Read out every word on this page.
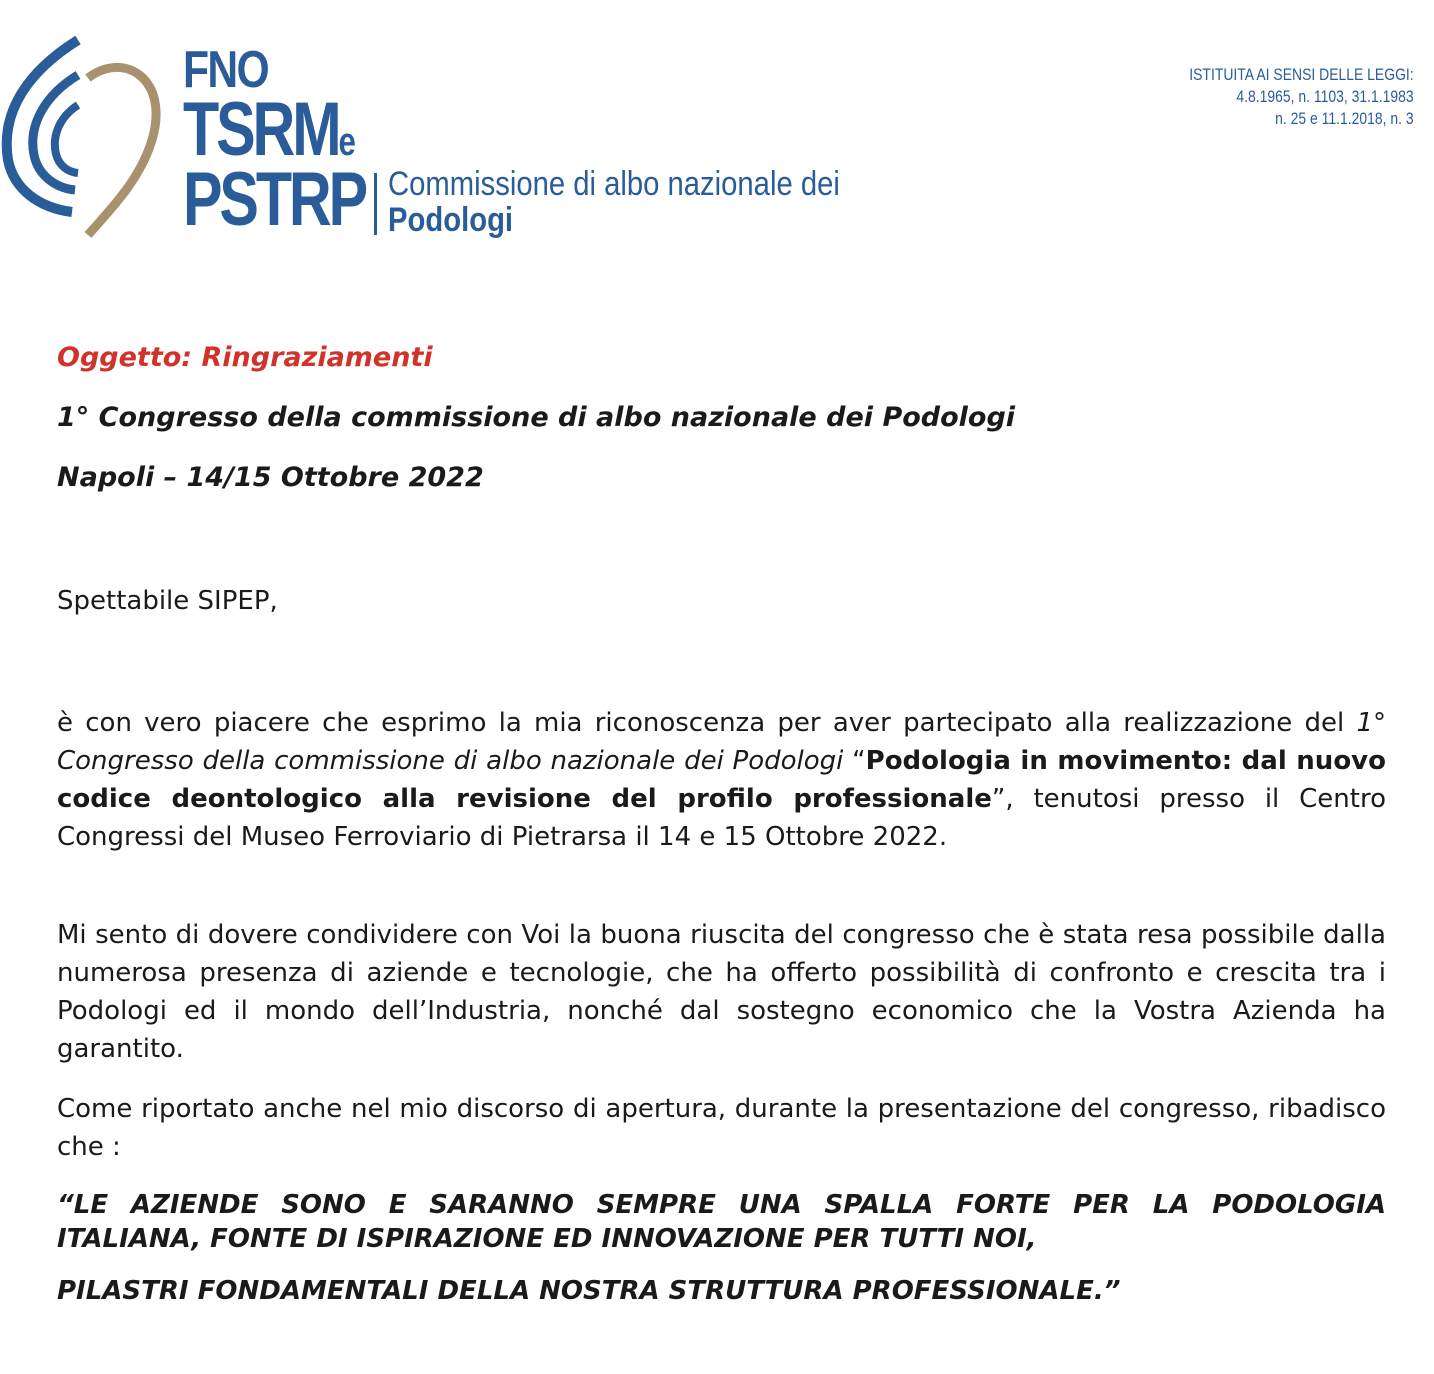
FNO
TSRMe
PSTRP Commissione di albo nazionale dei
Podologi
ISTITUITA AI SENSI DELLE LEGGI:
4.8.1965, n. 1103, 31.1.1983
n. 25 e 11.1.2018, n. 3

Oggetto: Ringraziamenti

1° Congresso della commissione di albo nazionale dei Podologi

Napoli – 14/15 Ottobre 2022

Spettabile SIPEP,

è con vero piacere che esprimo la mia riconoscenza per aver partecipato alla realizzazione del 1° Congresso della commissione di albo nazionale dei Podologi “Podologia in movimento: dal nuovo codice deontologico alla revisione del profilo professionale”, tenutosi presso il Centro Congressi del Museo Ferroviario di Pietrarsa il 14 e 15 Ottobre 2022.

Mi sento di dovere condividere con Voi la buona riuscita del congresso che è stata resa possibile dalla numerosa presenza di aziende e tecnologie, che ha offerto possibilità di confronto e crescita tra i Podologi ed il mondo dell’Industria, nonché dal sostegno economico che la Vostra Azienda ha garantito.

Come riportato anche nel mio discorso di apertura, durante la presentazione del congresso, ribadisco che :

“LE AZIENDE SONO E SARANNO SEMPRE UNA SPALLA FORTE PER LA PODOLOGIA ITALIANA, FONTE DI ISPIRAZIONE ED INNOVAZIONE PER TUTTI NOI,

PILASTRI FONDAMENTALI DELLA NOSTRA STRUTTURA PROFESSIONALE.”
